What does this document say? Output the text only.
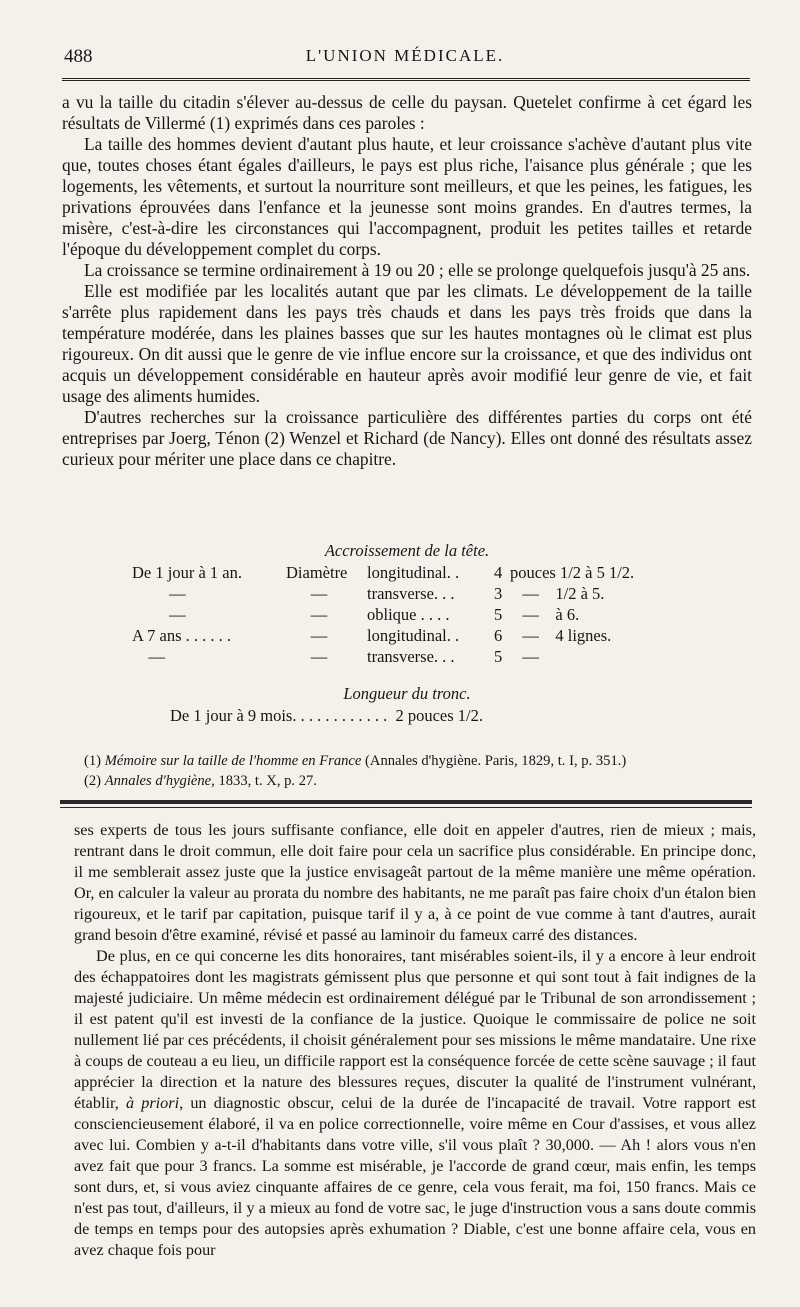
488	L'UNION MÉDICALE.

a vu la taille du citadin s'élever au-dessus de celle du paysan. Quetelet confirme à cet égard les résultats de Villermé (1) exprimés dans ces paroles :

La taille des hommes devient d'autant plus haute, et leur croissance s'achève d'autant plus vite que, toutes choses étant égales d'ailleurs, le pays est plus riche, l'aisance plus générale ; que les logements, les vêtements, et surtout la nourriture sont meilleurs, et que les peines, les fatigues, les privations éprouvées dans l'enfance et la jeunesse sont moins grandes. En d'autres termes, la misère, c'est-à-dire les circonstances qui l'accompagnent, produit les petites tailles et retarde l'époque du développement complet du corps.

La croissance se termine ordinairement à 19 ou 20 ; elle se prolonge quelquefois jusqu'à 25 ans.

Elle est modifiée par les localités autant que par les climats. Le développement de la taille s'arrête plus rapidement dans les pays très chauds et dans les pays très froids que dans la température modérée, dans les plaines basses que sur les hautes montagnes où le climat est plus rigoureux. On dit aussi que le genre de vie influe encore sur la croissance, et que des individus ont acquis un développement considérable en hauteur après avoir modifié leur genre de vie, et fait usage des aliments humides.

D'autres recherches sur la croissance particulière des différentes parties du corps ont été entreprises par Joerg, Ténon (2) Wenzel et Richard (de Nancy). Elles ont donné des résultats assez curieux pour mériter une place dans ce chapitre.

Accroissement de la tête.
De 1 jour à 1 an.	Diamètre longitudinal. . 4 pouces 1/2 à 5 1/2.
—	— transverse. . . 3 —    1/2 à 5.
—	— oblique . . . .	5 —    à 6.
A 7 ans . . . . . .	— longitudinal. . 6 —    4 lignes.
—	— transverse. . . 5 —
Longueur du tronc.
De 1 jour à 9 mois. . . . . . . . . . . .  2 pouces 1/2.
(1) Mémoire sur la taille de l'homme en France (Annales d'hygiène. Paris, 1829, t. I, p. 351.)
(2) Annales d'hygiène, 1833, t. X, p. 27.

ses experts de tous les jours suffisante confiance, elle doit en appeler d'autres, rien de mieux ; mais, rentrant dans le droit commun, elle doit faire pour cela un sacrifice plus considérable. En principe donc, il me semblerait assez juste que la justice envisageât partout de la même manière une même opération. Or, en calculer la valeur au prorata du nombre des habitants, ne me paraît pas faire choix d'un étalon bien rigoureux, et le tarif par capitation, puisque tarif il y a, à ce point de vue comme à tant d'autres, aurait grand besoin d'être examiné, révisé et passé au laminoir du fameux carré des distances.

De plus, en ce qui concerne les dits honoraires, tant misérables soient-ils, il y a encore à leur endroit des échappatoires dont les magistrats gémissent plus que personne et qui sont tout à fait indignes de la majesté judiciaire. Un même médecin est ordinairement délégué par le Tribunal de son arrondissement ; il est patent qu'il est investi de la confiance de la justice. Quoique le commissaire de police ne soit nullement lié par ces précédents, il choisit généralement pour ses missions le même mandataire. Une rixe à coups de couteau a eu lieu, un difficile rapport est la conséquence forcée de cette scène sauvage ; il faut apprécier la direction et la nature des blessures reçues, discuter la qualité de l'instrument vulnérant, établir, à priori, un diagnostic obscur, celui de la durée de l'incapacité de travail. Votre rapport est consciencieusement élaboré, il va en police correctionnelle, voire même en Cour d'assises, et vous allez avec lui. Combien y a-t-il d'habitants dans votre ville, s'il vous plaît ? 30,000. — Ah ! alors vous n'en avez fait que pour 3 francs. La somme est misérable, je l'accorde de grand cœur, mais enfin, les temps sont durs, et, si vous aviez cinquante affaires de ce genre, cela vous ferait, ma foi, 150 francs. Mais ce n'est pas tout, d'ailleurs, il y a mieux au fond de votre sac, le juge d'instruction vous a sans doute commis de temps en temps pour des autopsies après exhumation ? Diable, c'est une bonne affaire cela, vous en avez chaque fois pour
